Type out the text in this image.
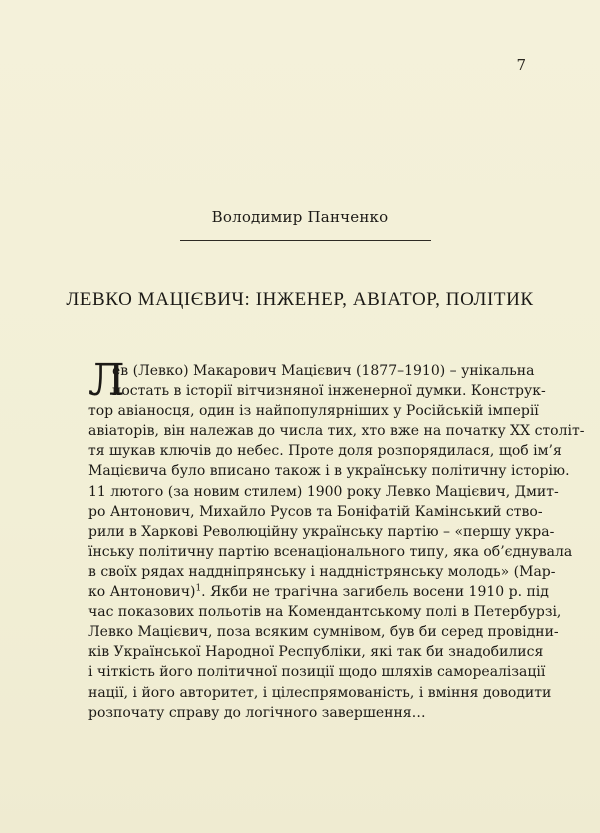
7
Володимир Панченко
ЛЕВКО МАЦІЄВИЧ: ІНЖЕНЕР, АВІАТОР, ПОЛІТИК
Л
ев (Левко) Макарович Мацієвич (1877–1910) – унікальна
постать в історії вітчизняної інженерної думки. Конструк-
тор авіаносця, один із найпопулярніших у Російській імперії
авіаторів, він належав до числа тих, хто вже на початку ХХ століт-
тя шукав ключів до небес. Проте доля розпорядилася, щоб ім’я
Мацієвича було вписано також і в українську політичну історію.
11 лютого (за новим стилем) 1900 року Левко Мацієвич, Дмит-
ро Антонович, Михайло Русов та Боніфатій Камінський ство-
рили в Харкові Революційну українську партію – «першу укра-
їнську політичну партію всенаціонального типу, яка об’єднувала
в своїх рядах наддніпрянську і наддністрянську молодь» (Мар-
ко Антонович)$^1$. Якби не трагічна загибель восени 1910 р. під
час показових польотів на Комендантському полі в Петербурзі,
Левко Мацієвич, поза всяким сумнівом, був би серед провідни-
ків Української Народної Республіки, які так би знадобилися
і чіткість його політичної позиції щодо шляхів самореалізації
нації, і його авторитет, і цілеспрямованість, і вміння доводити
розпочату справу до логічного завершення…
